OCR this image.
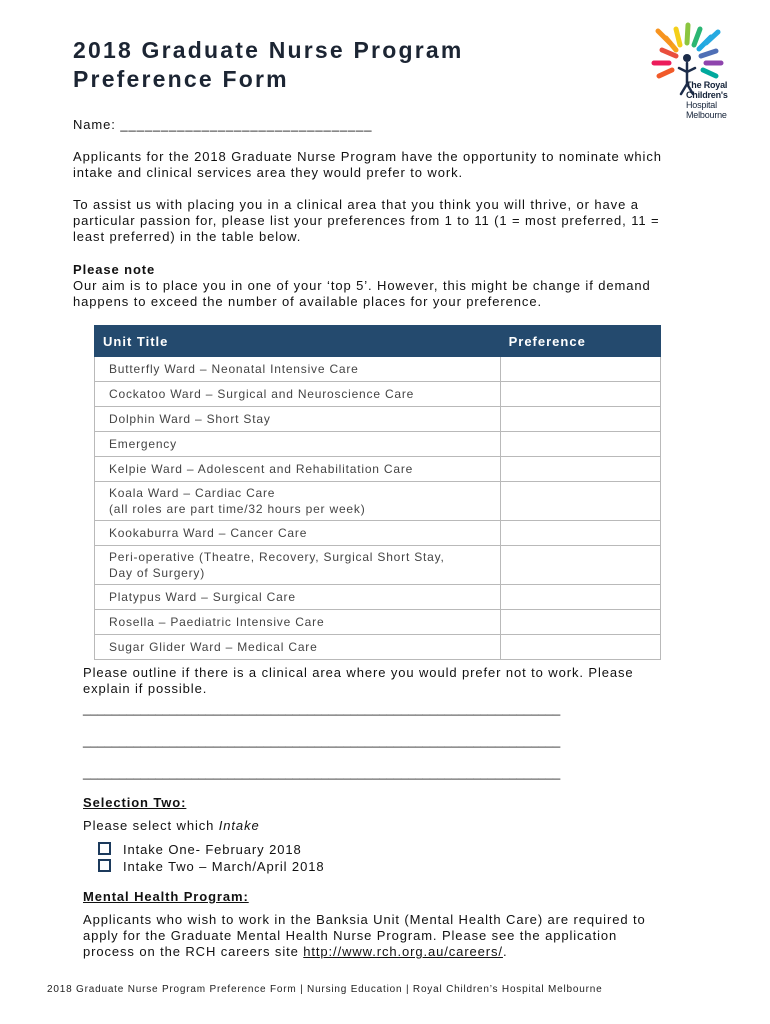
2018 Graduate Nurse Program
Preference Form	The Royal
Children's
Hospital
Melbourne

Name: _______________________________

Applicants for the 2018 Graduate Nurse Program have the opportunity to nominate which intake and clinical services area they would prefer to work.

To assist us with placing you in a clinical area that you think you will thrive, or have a particular passion for, please list your preferences from 1 to 11 (1 = most preferred, 11 = least preferred) in the table below.

Please note

Our aim is to place you in one of your ‘top 5’. However, this might be change if demand happens to exceed the number of available places for your preference.

Unit Title	Preference

Butterfly Ward – Neonatal Intensive Care	

Cockatoo Ward – Surgical and Neuroscience Care	

Dolphin Ward – Short Stay	

Emergency	

Kelpie Ward – Adolescent and Rehabilitation Care	

Koala Ward – Cardiac Care
(all roles are part time/32 hours per week)	

Kookaburra Ward – Cancer Care	

Peri-operative (Theatre, Recovery, Surgical Short Stay,
Day of Surgery)	

Platypus Ward – Surgical Care	

Rosella – Paediatric Intensive Care	

Sugar Glider Ward – Medical Care	

Please outline if there is a clinical area where you would prefer not to work. Please explain if possible.

__________________________________________________________________
__________________________________________________________________
__________________________________________________________________

Selection Two:

Please select which Intake

Intake One- February 2018
Intake Two – March/April 2018

Mental Health Program:

Applicants who wish to work in the Banksia Unit (Mental Health Care) are required to apply for the Graduate Mental Health Nurse Program. Please see the application process on the RCH careers site http://www.rch.org.au/careers/.

2018 Graduate Nurse Program Preference Form | Nursing Education | Royal Children’s Hospital Melbourne
